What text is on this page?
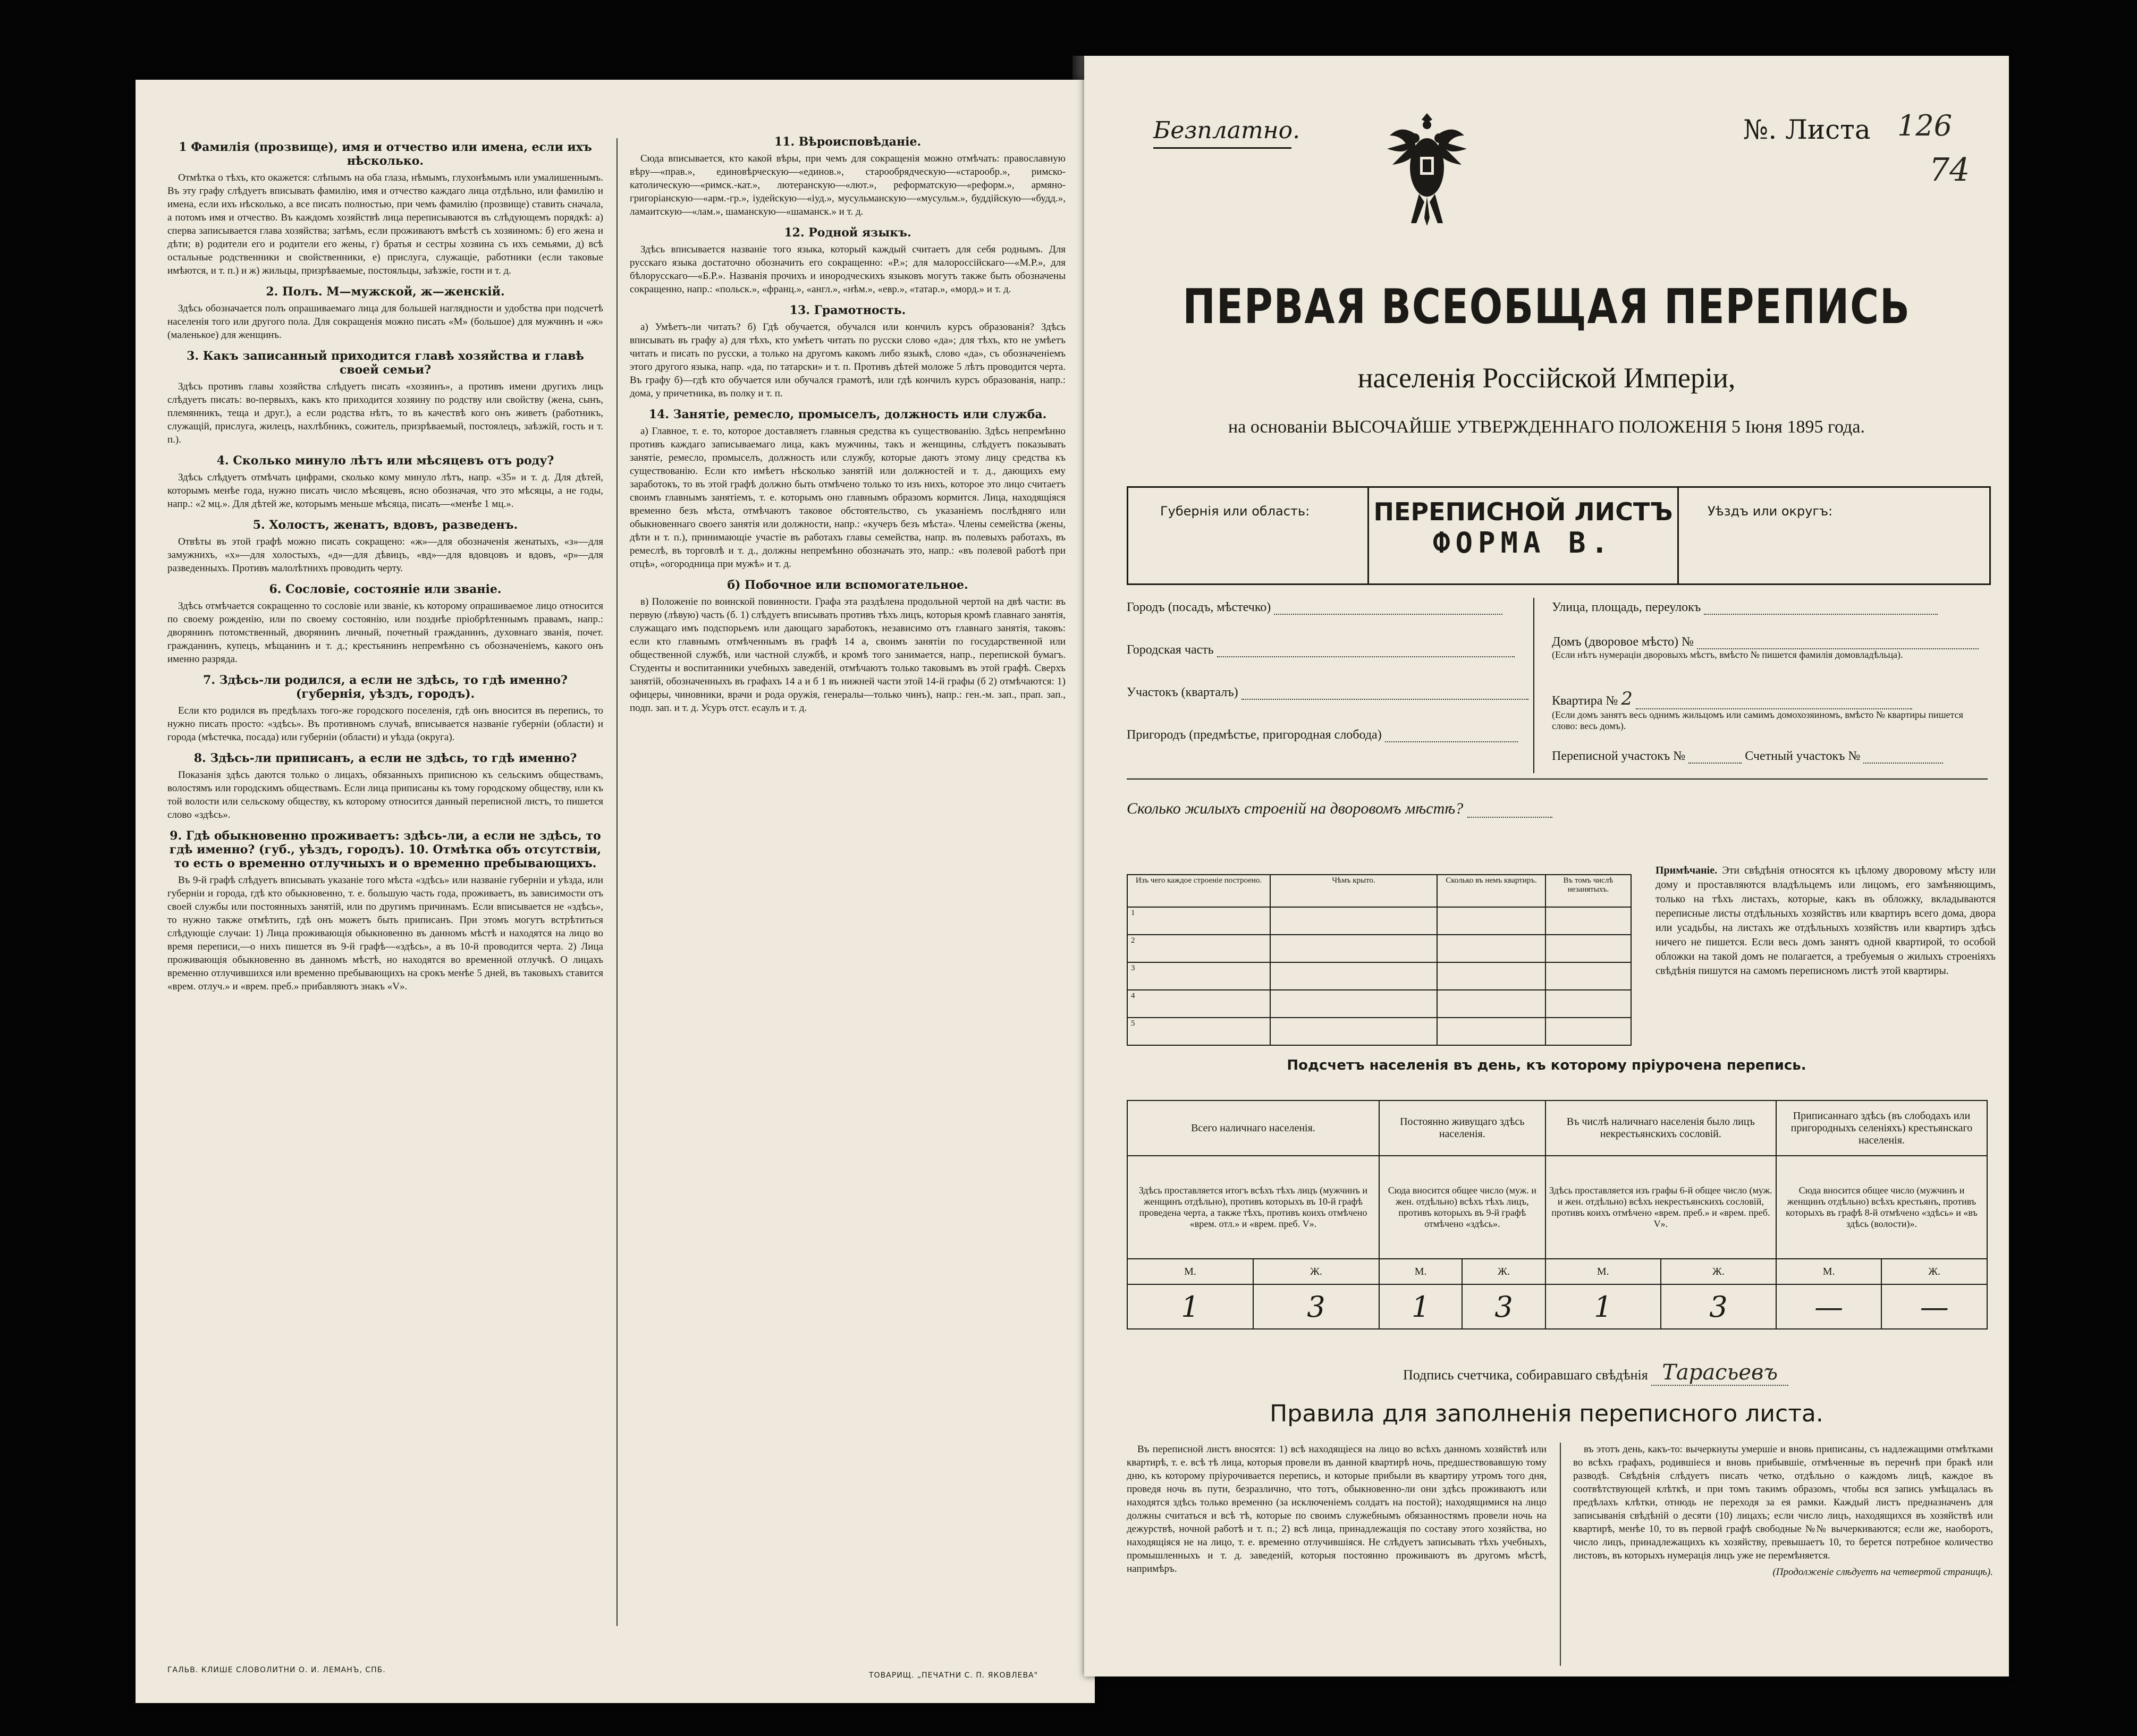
1 Фамилія (прозвище), имя и отчество или имена, если ихъ нѣсколько.

Отмѣтка о тѣхъ, кто окажется: слѣпымъ на оба глаза, нѣмымъ, глухонѣмымъ или умалишеннымъ. Въ эту графу слѣдуетъ вписывать фамилію, имя и отчество каждаго лица отдѣльно, или фамилію и имена, если ихъ нѣсколько, а все писать полностью, при чемъ фамилію (прозвище) ставить сначала, а потомъ имя и отчество. Въ каждомъ хозяйствѣ лица переписываются въ слѣдующемъ порядкѣ: а) сперва записывается глава хозяйства; затѣмъ, если проживаютъ вмѣстѣ съ хозяиномъ: б) его жена и дѣти; в) родители его и родители его жены, г) братья и сестры хозяина съ ихъ семьями, д) всѣ остальные родственники и свойственники, е) прислуга, служащіе, работники (если таковые имѣются, и т. п.) и ж) жильцы, призрѣваемые, постояльцы, заѣзжіе, гости и т. д.

2. Полъ. М—мужской, ж—женскій.

Здѣсь обозначается полъ опрашиваемаго лица для большей наглядности и удобства при подсчетѣ населенія того или другого пола. Для сокращенія можно писать «М» (большое) для мужчинъ и «ж» (маленькое) для женщинъ.

3. Какъ записанный приходится главѣ хозяйства и главѣ своей семьи?

Здѣсь противъ главы хозяйства слѣдуетъ писать «хозяинъ», а противъ имени другихъ лицъ слѣдуетъ писать: во-первыхъ, какъ кто приходится хозяину по родству или свойству (жена, сынъ, племянникъ, теща и друг.), а если родства нѣтъ, то въ качествѣ кого онъ живетъ (работникъ, служащій, прислуга, жилецъ, нахлѣбникъ, сожитель, призрѣваемый, постоялецъ, заѣзжій, гость и т. п.).

4. Сколько минуло лѣтъ или мѣсяцевъ отъ роду?

Здѣсь слѣдуетъ отмѣчать цифрами, сколько кому минуло лѣтъ, напр. «35» и т. д. Для дѣтей, которымъ менѣе года, нужно писать число мѣсяцевъ, ясно обозначая, что это мѣсяцы, а не годы, напр.: «2 мц.». Для дѣтей же, которымъ меньше мѣсяца, писать—«менѣе 1 мц.».

5. Холостъ, женатъ, вдовъ, разведенъ.

Отвѣты въ этой графѣ можно писать сокращено: «ж»—для обозначенія женатыхъ, «з»—для замужнихъ, «х»—для холостыхъ, «д»—для дѣвицъ, «вд»—для вдовцовъ и вдовъ, «р»—для разведенныхъ. Противъ малолѣтнихъ проводить черту.

6. Сословіе, состояніе или званіе.

Здѣсь отмѣчается сокращенно то сословіе или званіе, къ которому опрашиваемое лицо относится по своему рожденію, или по своему состоянію, или позднѣе пріобрѣтеннымъ правамъ, напр.: дворянинъ потомственный, дворянинъ личный, почетный гражданинъ, духовнаго званія, почет. гражданинъ, купецъ, мѣщанинъ и т. д.; крестьянинъ непремѣнно съ обозначеніемъ, какого онъ именно разряда.

7. Здѣсь-ли родился, а если не здѣсь, то гдѣ именно? (губернія, уѣздъ, городъ).

Если кто родился въ предѣлахъ того-же городского поселенія, гдѣ онъ вносится въ перепись, то нужно писать просто: «здѣсь». Въ противномъ случаѣ, вписывается названіе губерніи (области) и города (мѣстечка, посада) или губерніи (области) и уѣзда (округа).

8. Здѣсь-ли приписанъ, а если не здѣсь, то гдѣ именно?

Показанія здѣсь даются только о лицахъ, обязанныхъ приписною къ сельскимъ обществамъ, волостямъ или городскимъ обществамъ. Если лица приписаны къ тому городскому обществу, или къ той волости или сельскому обществу, къ которому относится данный переписной листъ, то пишется слово «здѣсь».

9. Гдѣ обыкновенно проживаетъ: здѣсь-ли, а если не здѣсь, то гдѣ именно? (губ., уѣздъ, городъ). 10. Отмѣтка объ отсутствіи, то есть о временно отлучныхъ и о временно пребывающихъ.

Въ 9-й графѣ слѣдуетъ вписывать указаніе того мѣста «здѣсь» или названіе губерніи и уѣзда, или губерніи и города, гдѣ кто обыкновенно, т. е. большую часть года, проживаетъ, въ зависимости отъ своей службы или постоянныхъ занятій, или по другимъ причинамъ. Если вписывается не «здѣсь», то нужно также отмѣтить, гдѣ онъ можетъ быть приписанъ. При этомъ могутъ встрѣтиться слѣдующіе случаи: 1) Лица проживающія обыкновенно въ данномъ мѣстѣ и находятся на лицо во время переписи,—о нихъ пишется въ 9-й графѣ—«здѣсь», а въ 10-й проводится черта. 2) Лица проживающія обыкновенно въ данномъ мѣстѣ, но находятся во временной отлучкѣ. О лицахъ временно отлучившихся или временно пребывающихъ на срокъ менѣе 5 дней, въ таковыхъ ставится «врем. отлуч.» и «врем. преб.» прибавляютъ знакъ «V».

11. Вѣроисповѣданіе.

Сюда вписывается, кто какой вѣры, при чемъ для сокращенія можно отмѣчать: православную вѣру—«прав.», единовѣрческую—«единов.», старообрядческую—«старообр.», римско-католическую—«римск.-кат.», лютеранскую—«лют.», реформатскую—«реформ.», армяно-григоріанскую—«арм.-гр.», іудейскую—«іуд.», мусульманскую—«мусульм.», буддійскую—«будд.», ламаитскую—«лам.», шаманскую—«шаманск.» и т. д.

12. Родной языкъ.

Здѣсь вписывается названіе того языка, который каждый считаетъ для себя роднымъ. Для русскаго языка достаточно обозначить его сокращенно: «Р.»; для малороссійскаго—«М.Р.», для бѣлорусскаго—«Б.Р.». Названія прочихъ и инородческихъ языковъ могутъ также быть обозначены сокращенно, напр.: «польск.», «франц.», «англ.», «нѣм.», «евр.», «татар.», «морд.» и т. д.

13. Грамотность.

а) Умѣетъ-ли читать? б) Гдѣ обучается, обучался или кончилъ курсъ образованія? Здѣсь вписывать въ графу а) для тѣхъ, кто умѣетъ читать по русски слово «да»; для тѣхъ, кто не умѣетъ читать и писать по русски, а только на другомъ какомъ либо языкѣ, слово «да», съ обозначеніемъ этого другого языка, напр. «да, по татарски» и т. п. Противъ дѣтей моложе 5 лѣтъ проводится черта. Въ графу б)—гдѣ кто обучается или обучался грамотѣ, или гдѣ кончилъ курсъ образованія, напр.: дома, у причетника, въ полку и т. п.

14. Занятіе, ремесло, промыселъ, должность или служба.

а) Главное, т. е. то, которое доставляетъ главныя средства къ существованію. Здѣсь непремѣнно противъ каждаго записываемаго лица, какъ мужчины, такъ и женщины, слѣдуетъ показывать занятіе, ремесло, промыселъ, должность или службу, которые даютъ этому лицу средства къ существованію. Если кто имѣетъ нѣсколько занятій или должностей и т. д., дающихъ ему заработокъ, то въ этой графѣ должно быть отмѣчено только то изъ нихъ, которое это лицо считаетъ своимъ главнымъ занятіемъ, т. е. которымъ оно главнымъ образомъ кормится. Лица, находящіяся временно безъ мѣста, отмѣчаютъ таковое обстоятельство, съ указаніемъ послѣдняго или обыкновеннаго своего занятія или должности, напр.: «кучеръ безъ мѣста». Члены семейства (жены, дѣти и т. п.), принимающіе участіе въ работахъ главы семейства, напр. въ полевыхъ работахъ, въ ремеслѣ, въ торговлѣ и т. д., должны непремѣнно обозначать это, напр.: «въ полевой работѣ при отцѣ», «огородница при мужѣ» и т. д.

б) Побочное или вспомогательное.

в) Положеніе по воинской повинности. Графа эта раздѣлена продольной чертой на двѣ части: въ первую (лѣвую) часть (б. 1) слѣдуетъ вписывать противъ тѣхъ лицъ, которыя кромѣ главнаго занятія, служащаго имъ подспорьемъ или дающаго заработокъ, независимо отъ главнаго занятія, таковъ: если кто главнымъ отмѣченнымъ въ графѣ 14 а, своимъ занятіи по государственной или общественной службѣ, или частной службѣ, и кромѣ того занимается, напр., перепиской бумагъ. Студенты и воспитанники учебныхъ заведеній, отмѣчаютъ только таковымъ въ этой графѣ. Сверхъ занятій, обозначенныхъ въ графахъ 14 а и б 1 въ нижней части этой 14-й графы (б 2) отмѣчаются: 1) офицеры, чиновники, врачи и рода оружія, генералы—только чинъ), напр.: ген.-м. зап., прап. зап., подп. зап. и т. д. Усуръ отст. есаулъ и т. д.

ГАЛЬВ. КЛИШЕ СЛОВОЛИТНИ О. И. ЛЕМАНЪ, СПБ.
ТОВАРИЩ. „ПЕЧАТНИ С. П. ЯКОВЛЕВА"
Безплатно.	№. Листа 126
74
ПЕРВАЯ ВСЕОБЩАЯ ПЕРЕПИСЬ
населенія Россійской Имперіи,
на основаніи ВЫСОЧАЙШЕ УТВЕРЖДЕННАГО ПОЛОЖЕНІЯ 5 Іюня 1895 года.
Губернія или область:	ПЕРЕПИСНОЙ ЛИСТЪ
ФОРМА В.
Уѣздъ или округъ:
Городъ (посадъ, мѣстечко)
Городская часть
Участокъ (кварталъ)
Пригородъ (предмѣстье, пригородная слобода)
Улица, площадь, переулокъ
Домъ (дворовое мѣсто) №
(Если нѣтъ нумераціи дворовыхъ мѣстъ, вмѣсто № пишется фамилія домовладѣльца).
Квартира № 2
(Если домъ занятъ весь однимъ жильцомъ или самимъ домохозяиномъ, вмѣсто № квартиры пишется слово: весь домъ).
Переписной участокъ №	Счетный участокъ №
Сколько жилыхъ строеній на дворовомъ мѣстѣ?
Изъ чего каждое строеніе построено.	Чѣмъ крыто.	Сколько въ немъ квартиръ.	Въ томъ числѣ незанятыхъ.
1			
2			
3			
4			
5			
Примѣчаніе. Эти свѣдѣнія относятся къ цѣлому дворовому мѣсту или дому и проставляются владѣльцемъ или лицомъ, его замѣняющимъ, только на тѣхъ листахъ, которые, какъ въ обложку, вкладываются переписные листы отдѣльныхъ хозяйствъ или квартиръ всего дома, двора или усадьбы, на листахъ же отдѣльныхъ хозяйствъ или квартиръ здѣсь ничего не пишется. Если весь домъ занятъ одной квартирой, то особой обложки на такой домъ не полагается, а требуемыя о жилыхъ строеніяхъ свѣдѣнія пишутся на самомъ переписномъ листѣ этой квартиры.
Подсчетъ населенія въ день, къ которому пріурочена перепись.
Всего наличнаго населенія.		Постоянно живущаго здѣсь населенія.		Въ числѣ наличнаго населенія было лицъ некрестьянскихъ сословій.		Приписаннаго здѣсь (въ слободахъ или пригородныхъ селеніяхъ) крестьянскаго населенія.	
Здѣсь проставляется итогъ всѣхъ тѣхъ лицъ (мужчинъ и женщинъ отдѣльно), противъ которыхъ въ 10-й графѣ проведена черта, а также тѣхъ, противъ коихъ отмѣчено «врем. отл.» и «врем. преб. V».		Сюда вносится общее число (муж. и жен. отдѣльно) всѣхъ тѣхъ лицъ, противъ которыхъ въ 9-й графѣ отмѣчено «здѣсь».		Здѣсь проставляется изъ графы 6-й общее число (муж. и жен. отдѣльно) всѣхъ некрестьянскихъ сословій, противъ коихъ отмѣчено «врем. преб.» и «врем. преб. V».		Сюда вносится общее число (мужчинъ и женщинъ отдѣльно) всѣхъ крестьянъ, противъ которыхъ въ графѣ 8-й отмѣчено «здѣсь» и «въ здѣсь (волости)».	
М.	Ж.	М.	Ж.	М.	Ж.	М.	Ж.
1	3	1	3	1	3	—	—
Подпись счетчика, собиравшаго свѣдѣнія Тарасьевъ
Правила для заполненія переписного листа.

Въ переписной листъ вносятся: 1) всѣ находящіеся на лицо во всѣхъ данномъ хозяйствѣ или квартирѣ, т. е. всѣ тѣ лица, которыя провели въ данной квартирѣ ночь, предшествовавшую тому дню, къ которому пріурочивается перепись, и которые прибыли въ квартиру утромъ того дня, проведя ночь въ пути, безразлично, что тотъ, обыкновенно-ли они здѣсь проживаютъ или находятся здѣсь только временно (за исключеніемъ солдатъ на постой); находящимися на лицо должны считаться и всѣ тѣ, которые по своимъ служебнымъ обязанностямъ провели ночь на дежурствѣ, ночной работѣ и т. п.; 2) всѣ лица, принадлежащія по составу этого хозяйства, но находящіяся не на лицо, т. е. временно отлучившіяся. Не слѣдуетъ записывать тѣхъ учебныхъ, промышленныхъ и т. д. заведеній, которыя постоянно проживаютъ въ другомъ мѣстѣ, напримѣръ.

въ этотъ день, какъ-то: вычеркнуты умершіе и вновь приписаны, съ надлежащими отмѣтками во всѣхъ графахъ, родившіеся и вновь прибывшіе, отмѣченные въ перечнѣ при бракѣ или разводѣ. Свѣдѣнія слѣдуетъ писать четко, отдѣльно о каждомъ лицѣ, каждое въ соотвѣтствующей клѣткѣ, и при томъ такимъ образомъ, чтобы вся запись умѣщалась въ предѣлахъ клѣтки, отнюдь не переходя за ея рамки. Каждый листъ предназначенъ для записыванія свѣдѣній о десяти (10) лицахъ; если число лицъ, находящихся въ хозяйствѣ или квартирѣ, менѣе 10, то въ первой графѣ свободные №№ вычеркиваются; если же, наоборотъ, число лицъ, принадлежащихъ къ хозяйству, превышаетъ 10, то берется потребное количество листовъ, въ которыхъ нумерація лицъ уже не перемѣняется.

(Продолженіе слѣдуетъ на четвертой страницѣ).
